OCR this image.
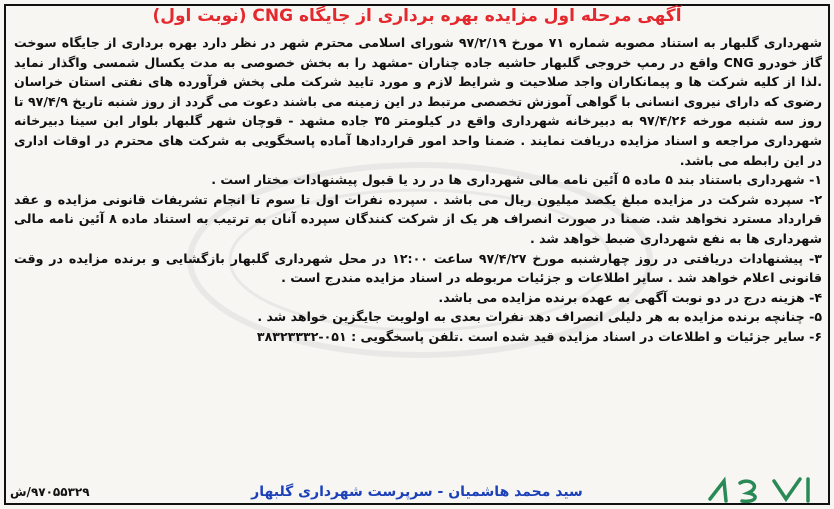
آگهی مرحله اول مزایده بهره برداری از جایگاه CNG (نوبت اول)

شهرداری گلبهار به استناد مصوبه شماره ۷۱ مورخ ۹۷/۲/۱۹ شورای اسلامی محترم شهر در نظر دارد بهره برداری از جایگاه سوخت گاز خودرو CNG واقع در رمپ خروجی گلبهار حاشیه جاده چناران -مشهد را به بخش خصوصی به مدت یکسال شمسی واگذار نماید .لذا از کلیه شرکت ها و پیمانکاران واجد صلاحیت و شرایط لازم و مورد تایید شرکت ملی پخش فرآورده های نفتی استان خراسان رضوی که دارای نیروی انسانی با گواهی آموزش تخصصی مرتبط در این زمینه می باشند دعوت می گردد از روز شنبه تاریخ ۹۷/۴/۹ تا روز سه شنبه مورخه ۹۷/۴/۲۶ به دبیرخانه شهرداری واقع در کیلومتر ۳۵ جاده مشهد - قوچان شهر گلبهار بلوار ابن سینا دبیرخانه شهرداری مراجعه و اسناد مزایده دریافت نمایند . ضمنا واحد امور قراردادها آماده پاسخگویی به شرکت های محترم در اوقات اداری در این رابطه می باشد.

۱- شهرداری باستناد بند ۵ ماده ۵ آئین نامه مالی شهرداری ها در رد یا قبول پیشنهادات مختار است .

۲- سپرده شرکت در مزایده مبلغ یکصد میلیون ریال می باشد . سپرده نفرات اول تا سوم تا انجام تشریفات قانونی مزایده و عقد قرارداد مسترد نخواهد شد. ضمنا در صورت انصراف هر یک از شرکت کنندگان سپرده آنان به ترتیب به استناد ماده ۸ آئین نامه مالی شهرداری ها به نفع شهرداری ضبط خواهد شد .

۳- پیشنهادات دریافتی در روز چهارشنبه مورخ ۹۷/۴/۲۷ ساعت ۱۲:۰۰ در محل شهرداری گلبهار بازگشایی و برنده مزایده در وقت قانونی اعلام خواهد شد . سایر اطلاعات و جزئیات مربوطه در اسناد مزایده مندرج است .

۴- هزینه درج در دو نوبت آگهی به عهده برنده مزایده می باشد.

۵- چنانچه برنده مزایده به هر دلیلی انصراف دهد نفرات بعدی به اولویت جایگزین خواهد شد .

۶- سایر جزئیات و اطلاعات در اسناد مزایده قید شده است .تلفن پاسخگویی : ۰۵۱-۳۸۳۲۳۳۳۲

۹۷۰۵۵۳۲۹/ش	سید محمد هاشمیان - سرپرست شهرداری گلبهار
